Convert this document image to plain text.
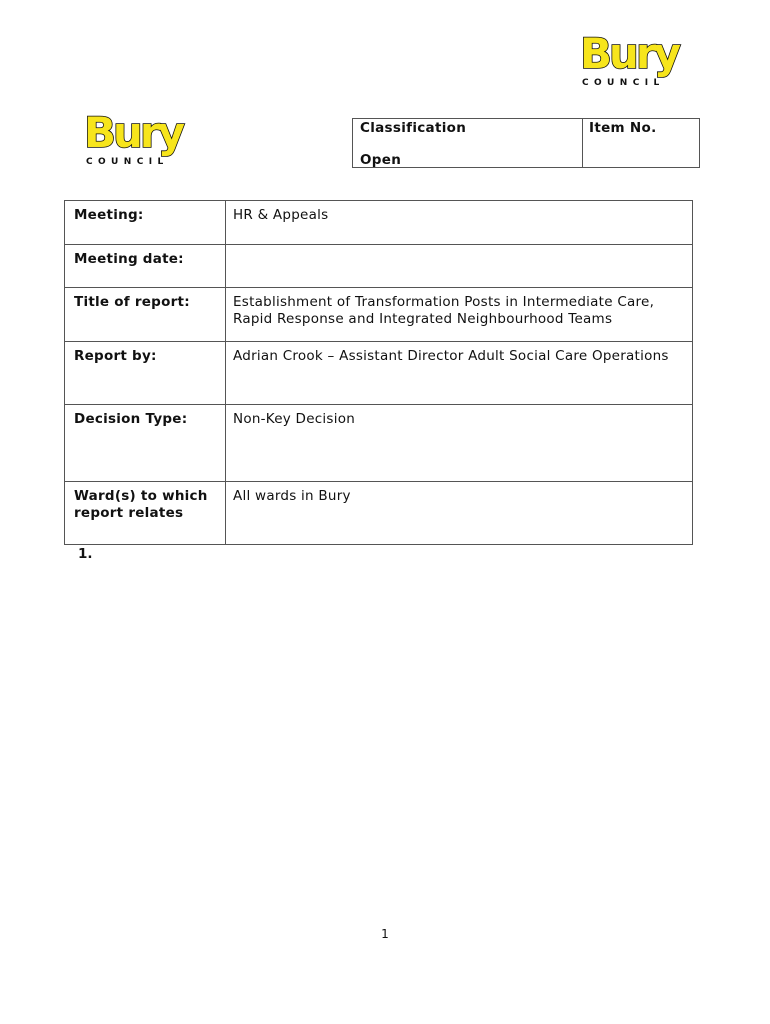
Bury
COUNCIL
Bury
COUNCIL
Classification
Open
Item No.
Meeting:	HR & Appeals
Meeting date:	
Title of report:	Establishment of Transformation Posts in Intermediate Care, Rapid Response and Integrated Neighbourhood Teams
Report by:	Adrian Crook – Assistant Director Adult Social Care Operations
Decision Type:	Non-Key Decision
Ward(s) to which report relates	All wards in Bury
1.
1
